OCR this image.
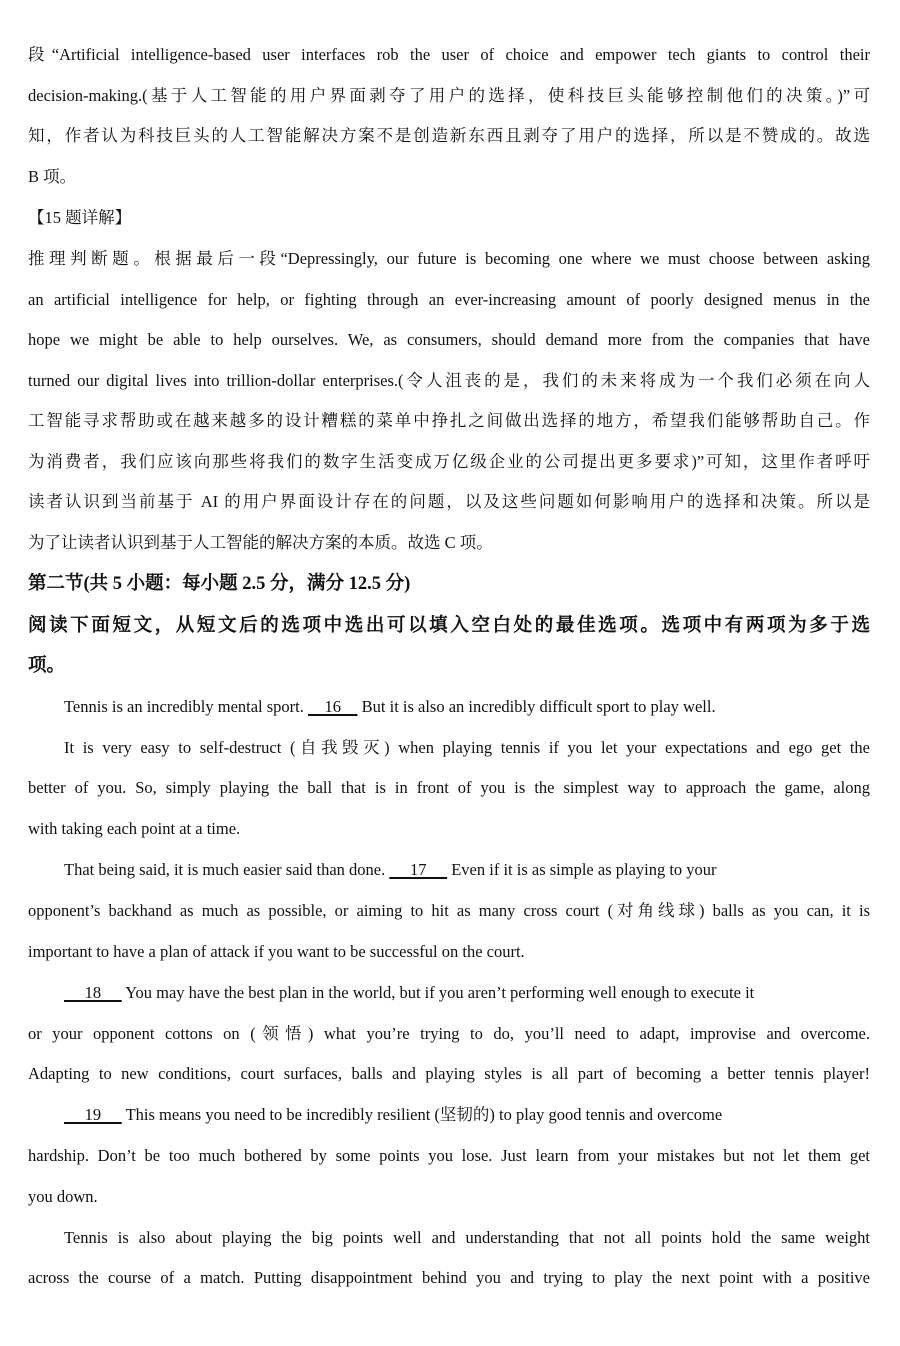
段“Artificial intelligence-based user interfaces rob the user of choice and empower tech giants to control their
decision-making.(基于人工智能的用户界面剥夺了用户的选择，使科技巨头能够控制他们的决策。)”可
知，作者认为科技巨头的人工智能解决方案不是创造新东西且剥夺了用户的选择，所以是不赞成的。故选
B 项。
【15 题详解】
推理判断题。根据最后一段“Depressingly, our future is becoming one where we must choose between asking
an artificial intelligence for help, or fighting through an ever-increasing amount of poorly designed menus in the
hope we might be able to help ourselves. We, as consumers, should demand more from the companies that have
turned our digital lives into trillion-dollar enterprises.(令人沮丧的是，我们的未来将成为一个我们必须在向人
工智能寻求帮助或在越来越多的设计糟糕的菜单中挣扎之间做出选择的地方，希望我们能够帮助自己。作
为消费者，我们应该向那些将我们的数字生活变成万亿级企业的公司提出更多要求)”可知，这里作者呼吁
读者认识到当前基于 AI 的用户界面设计存在的问题，以及这些问题如何影响用户的选择和决策。所以是
为了让读者认识到基于人工智能的解决方案的本质。故选 C 项。
第二节(共 5 小题：每小题 2.5 分，满分 12.5 分)
阅读下面短文，从短文后的选项中选出可以填入空白处的最佳选项。选项中有两项为多于选
项。
Tennis is an incredibly mental sport.     16     But it is also an incredibly difficult sport to play well.
It is very easy to self-destruct (自我毁灭) when playing tennis if you let your expectations and ego get the
better of you. So, simply playing the ball that is in front of you is the simplest way to approach the game, along
with taking each point at a time.
That being said, it is much easier said than done.      17      Even if it is as simple as playing to your
opponent’s backhand as much as possible, or aiming to hit as many cross court (对角线球) balls as you can, it is
important to have a plan of attack if you want to be successful on the court.
18      You may have the best plan in the world, but if you aren’t performing well enough to execute it
or your opponent cottons on (领悟) what you’re trying to do, you’ll need to adapt, improvise and overcome.
Adapting to new conditions, court surfaces, balls and playing styles is all part of becoming a better tennis player!
19      This means you need to be incredibly resilient (坚韧的) to play good tennis and overcome
hardship. Don’t be too much bothered by some points you lose. Just learn from your mistakes but not let them get
you down.
Tennis is also about playing the big points well and understanding that not all points hold the same weight
across the course of a match. Putting disappointment behind you and trying to play the next point with a positive
